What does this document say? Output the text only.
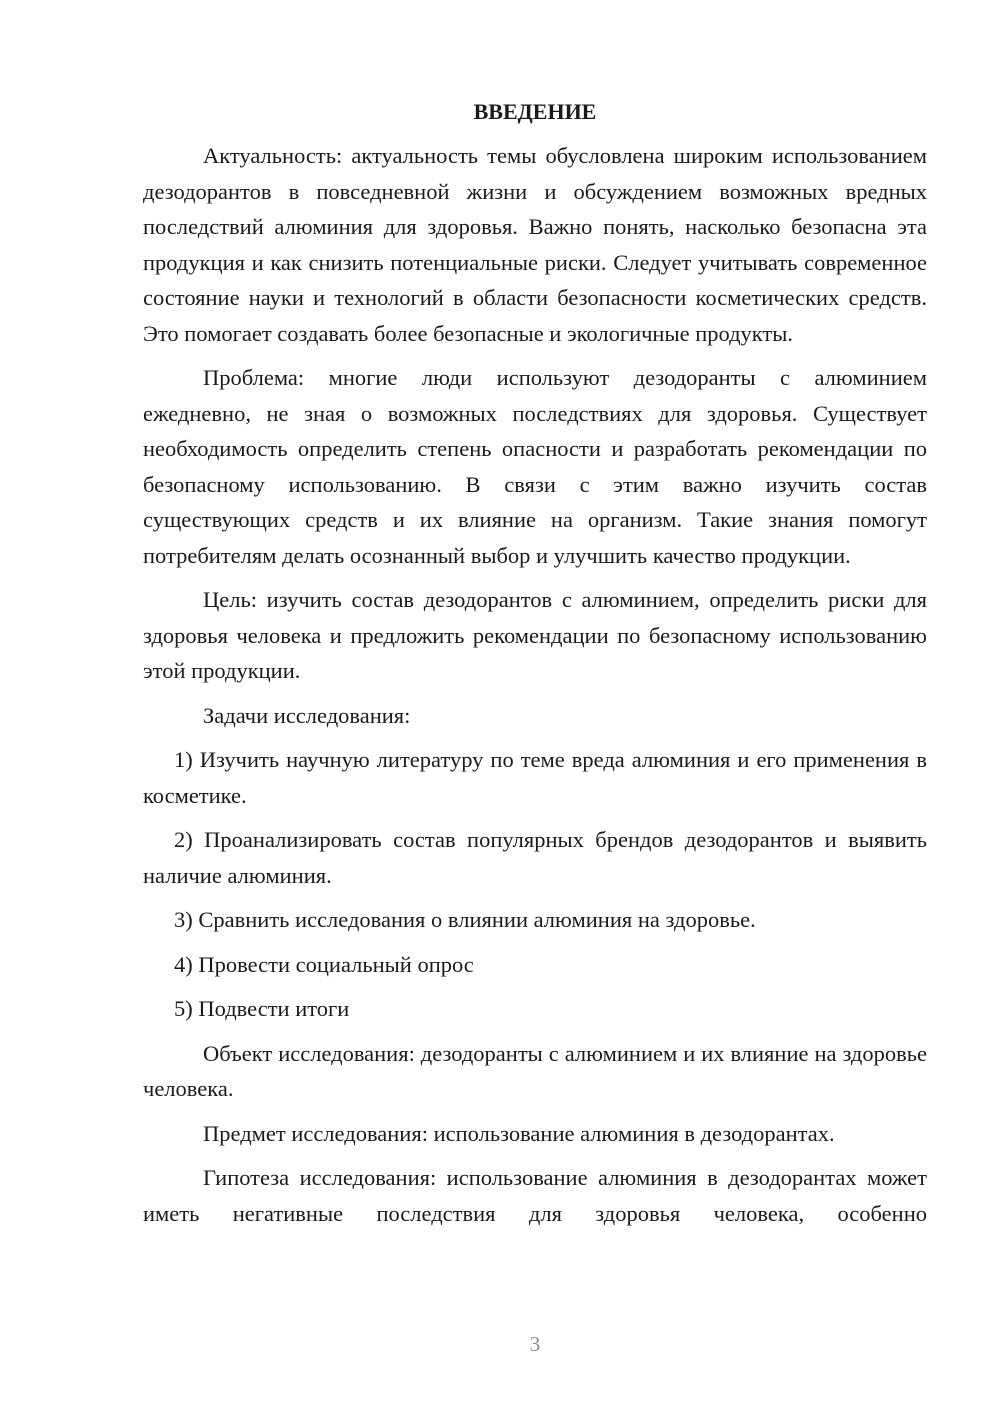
ВВЕДЕНИЕ

Актуальность: актуальность темы обусловлена широким использованием дезодорантов в повседневной жизни и обсуждением возможных вредных последствий алюминия для здоровья. Важно понять, насколько безопасна эта продукция и как снизить потенциальные риски. Следует учитывать современное состояние науки и технологий в области безопасности косметических средств. Это помогает создавать более безопасные и экологичные продукты.

Проблема: многие люди используют дезодоранты с алюминием ежедневно, не зная о возможных последствиях для здоровья. Существует необходимость определить степень опасности и разработать рекомендации по безопасному использованию. В связи с этим важно изучить состав существующих средств и их влияние на организм. Такие знания помогут потребителям делать осознанный выбор и улучшить качество продукции.

Цель: изучить состав дезодорантов с алюминием, определить риски для здоровья человека и предложить рекомендации по безопасному использованию этой продукции.

Задачи исследования:

1) Изучить научную литературу по теме вреда алюминия и его применения в косметике.

2) Проанализировать состав популярных брендов дезодорантов и выявить наличие алюминия.

3) Сравнить исследования о влиянии алюминия на здоровье.

4) Провести социальный опрос

5) Подвести итоги

Объект исследования: дезодоранты с алюминием и их влияние на здоровье человека.

Предмет исследования: использование алюминия в дезодорантах.

Гипотеза исследования: использование алюминия в дезодорантах может иметь негативные последствия для здоровья человека, особенно

3
